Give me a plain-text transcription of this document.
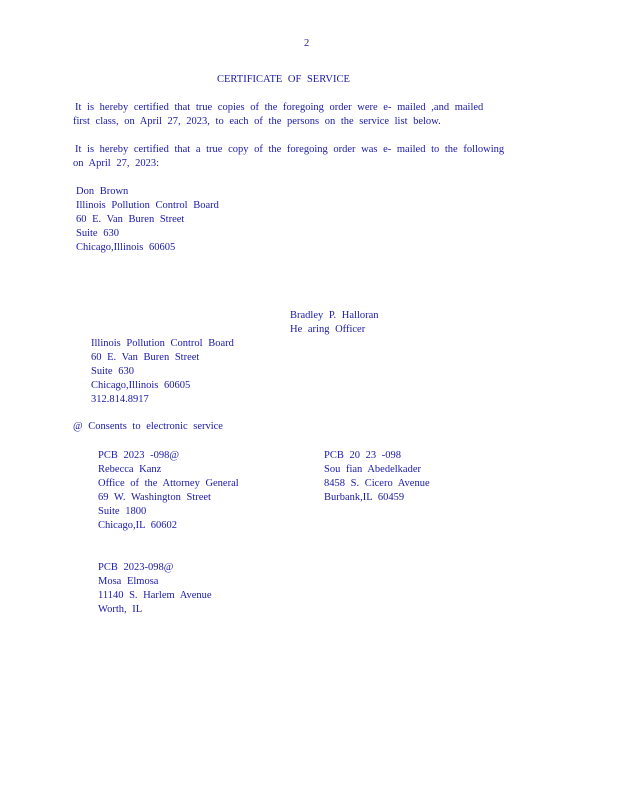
2
CERTIFICATE OF SERVICE
It is hereby certified that true copies of the foregoing order were e- mailed ,and mailed
first class, on April 27, 2023, to each of the persons on the service list below.
It is hereby certified that a true copy of the foregoing order was e- mailed to the following
on April 27, 2023:
Don Brown
Illinois Pollution Control Board
60 E. Van Buren Street
Suite 630
Chicago,Illinois 60605
Bradley P. Halloran
He aring Officer
Illinois Pollution Control Board
60 E. Van Buren Street
Suite 630
Chicago,Illinois 60605
312.814.8917
@ Consents to electronic service
PCB 2023 -098@
Rebecca Kanz
Office of the Attorney General
69 W. Washington Street
Suite 1800
Chicago,IL 60602
PCB 20 23 -098
Sou fian Abedelkader
8458 S. Cicero Avenue
Burbank,IL 60459
PCB 2023-098@
Mosa Elmosa
11140 S. Harlem Avenue
Worth, IL
